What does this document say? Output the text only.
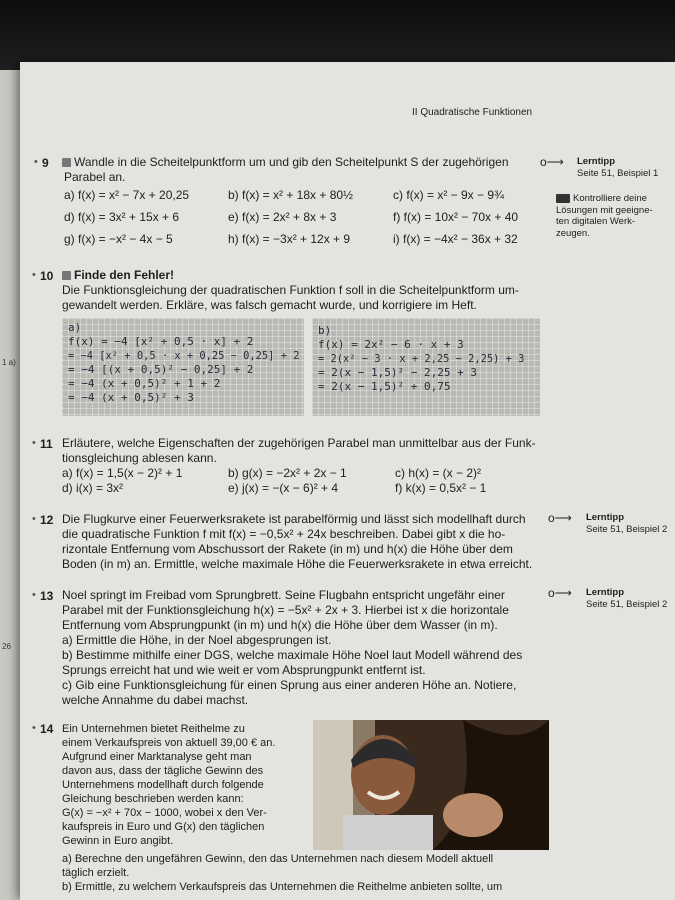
1 a)
26
II Quadratische Funktionen
• 9	Wandle in die Scheitelpunktform um und gib den Scheitelpunkt S der zugehörigen
Parabel an.
a) f(x) = x² − 7x + 20,25	b) f(x) = x² + 18x + 80½	c) f(x) = x² − 9x − 9¾
d) f(x) = 3x² + 15x + 6	e) f(x) = 2x² + 8x + 3	f) f(x) = 10x² − 70x + 40
g) f(x) = −x² − 4x − 5	h) f(x) = −3x² + 12x + 9	i) f(x) = −4x² − 36x + 32
o⟶ Lerntipp
Seite 51, Beispiel 1
Kontrolliere deine
Lösungen mit geeigne-
ten digitalen Werk-
zeugen.
• 10	Finde den Fehler!
Die Funktionsgleichung der quadratischen Funktion f soll in die Scheitelpunktform um-
gewandelt werden. Erkläre, was falsch gemacht wurde, und korrigiere im Heft.
a)
f(x) = −4 [x² + 0,5 · x] + 2
= −4 [x² + 0,5 · x + 0,25 − 0,25] + 2
= −4 [(x + 0,5)² − 0,25] + 2
= −4 (x + 0,5)² + 1 + 2
= −4 (x + 0,5)² + 3
b)
f(x) = 2x² − 6 · x + 3
= 2(x² − 3 · x + 2,25 − 2,25) + 3
= 2(x − 1,5)² − 2,25 + 3
= 2(x − 1,5)² + 0,75
• 11 Erläutere, welche Eigenschaften der zugehörigen Parabel man unmittelbar aus der Funk-
tionsgleichung ablesen kann.
a) f(x) = 1,5(x − 2)² + 1	b) g(x) = −2x² + 2x − 1	c) h(x) = (x − 2)²
d) i(x) = 3x²	e) j(x) = −(x − 6)² + 4	f) k(x) = 0,5x² − 1
• 12 Die Flugkurve einer Feuerwerksrakete ist parabelförmig und lässt sich modellhaft durch
die quadratische Funktion f mit f(x) = −0,5x² + 24x beschreiben. Dabei gibt x die ho-
rizontale Entfernung vom Abschussort der Rakete (in m) und h(x) die Höhe über dem
Boden (in m) an. Ermittle, welche maximale Höhe die Feuerwerksrakete in etwa erreicht.
o⟶ Lerntipp
Seite 51, Beispiel 2
• 13 Noel springt im Freibad vom Sprungbrett. Seine Flugbahn entspricht ungefähr einer
Parabel mit der Funktionsgleichung h(x) = −5x² + 2x + 3. Hierbei ist x die horizontale
Entfernung vom Absprungpunkt (in m) und h(x) die Höhe über dem Wasser (in m).
a) Ermittle die Höhe, in der Noel abgesprungen ist.
b) Bestimme mithilfe einer DGS, welche maximale Höhe Noel laut Modell während des
Sprungs erreicht hat und wie weit er vom Absprungpunkt entfernt ist.
c) Gib eine Funktionsgleichung für einen Sprung aus einer anderen Höhe an. Notiere,
welche Annahme du dabei machst.
o⟶ Lerntipp
Seite 51, Beispiel 2
• 14 Ein Unternehmen bietet Reithelme zu
einem Verkaufspreis von aktuell 39,00 € an.
Aufgrund einer Marktanalyse geht man
davon aus, dass der tägliche Gewinn des
Unternehmens modellhaft durch folgende
Gleichung beschrieben werden kann:
G(x) = −x² + 70x − 1000, wobei x den Ver-
kaufspreis in Euro und G(x) den täglichen
Gewinn in Euro angibt.
a) Berechne den ungefähren Gewinn, den das Unternehmen nach diesem Modell aktuell
täglich erzielt.
b) Ermittle, zu welchem Verkaufspreis das Unternehmen die Reithelme anbieten sollte, um
